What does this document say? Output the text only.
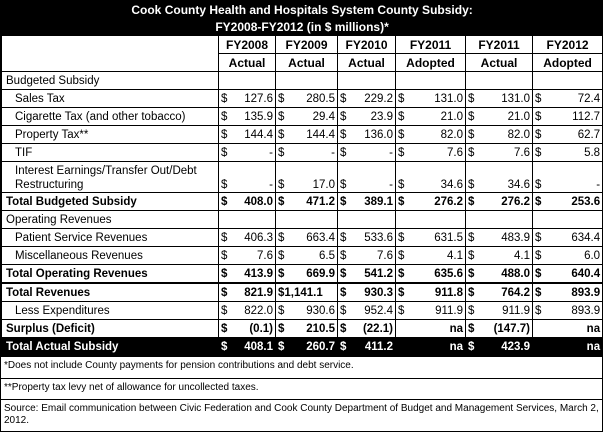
Cook County Health and Hospitals System County Subsidy:						
FY2008-FY2012 (in $ millions)*						
	FY2008	FY2009	FY2010	FY2011	FY2011	FY2012
	Actual	Actual	Actual	Adopted	Actual	Adopted
Budgeted Subsidy						
Sales Tax	$ 127.6	$ 280.5	$ 229.2	$ 131.0	$ 131.0	$ 72.4

Cigarette Tax (and other tobacco)	$ 135.9	$ 29.4	$ 23.9	$ 21.0	$ 21.0	$ 112.7

Property Tax**	$ 144.4	$ 144.4	$ 136.0	$ 82.0	$ 82.0	$ 62.7

TIF	$ -	$ -	$ -	$ 7.6	$ 7.6	$ 5.8

Interest Earnings/Transfer Out/Debt Restructuring	$ -	$ 17.0	$ -	$ 34.6	$ 34.6	$ -

Total Budgeted Subsidy	$ 408.0	$ 471.2	$ 389.1	$ 276.2	$ 276.2	$ 253.6

Operating Revenues						
Patient Service Revenues	$ 406.3	$ 663.4	$ 533.6	$ 631.5	$ 483.9	$ 634.4

Miscellaneous Revenues	$ 7.6	$ 6.5	$ 7.6	$ 4.1	$ 4.1	$ 6.0

Total Operating Revenues	$ 413.9	$ 669.9	$ 541.2	$ 635.6	$ 488.0	$ 640.4

Total Revenues	$ 821.9	$1,141.1	$ 930.3	$ 911.8	$ 764.2	$ 893.9

Less Expenditures	$ 822.0	$ 930.6	$ 952.4	$ 911.9	$ 911.9	$ 893.9

Surplus (Deficit)	$ (0.1)	$ 210.5	$ (22.1)	na	$ (147.7)	na

Total Actual Subsidy	$ 408.1	$ 260.7	$ 411.2	na	$ 423.9	na
*Does not include County payments for pension contributions and debt service.
**Property tax levy net of allowance for uncollected taxes.
Source: Email communication between Civic Federation and Cook County Department of Budget and Management Services, March 2, 2012.
